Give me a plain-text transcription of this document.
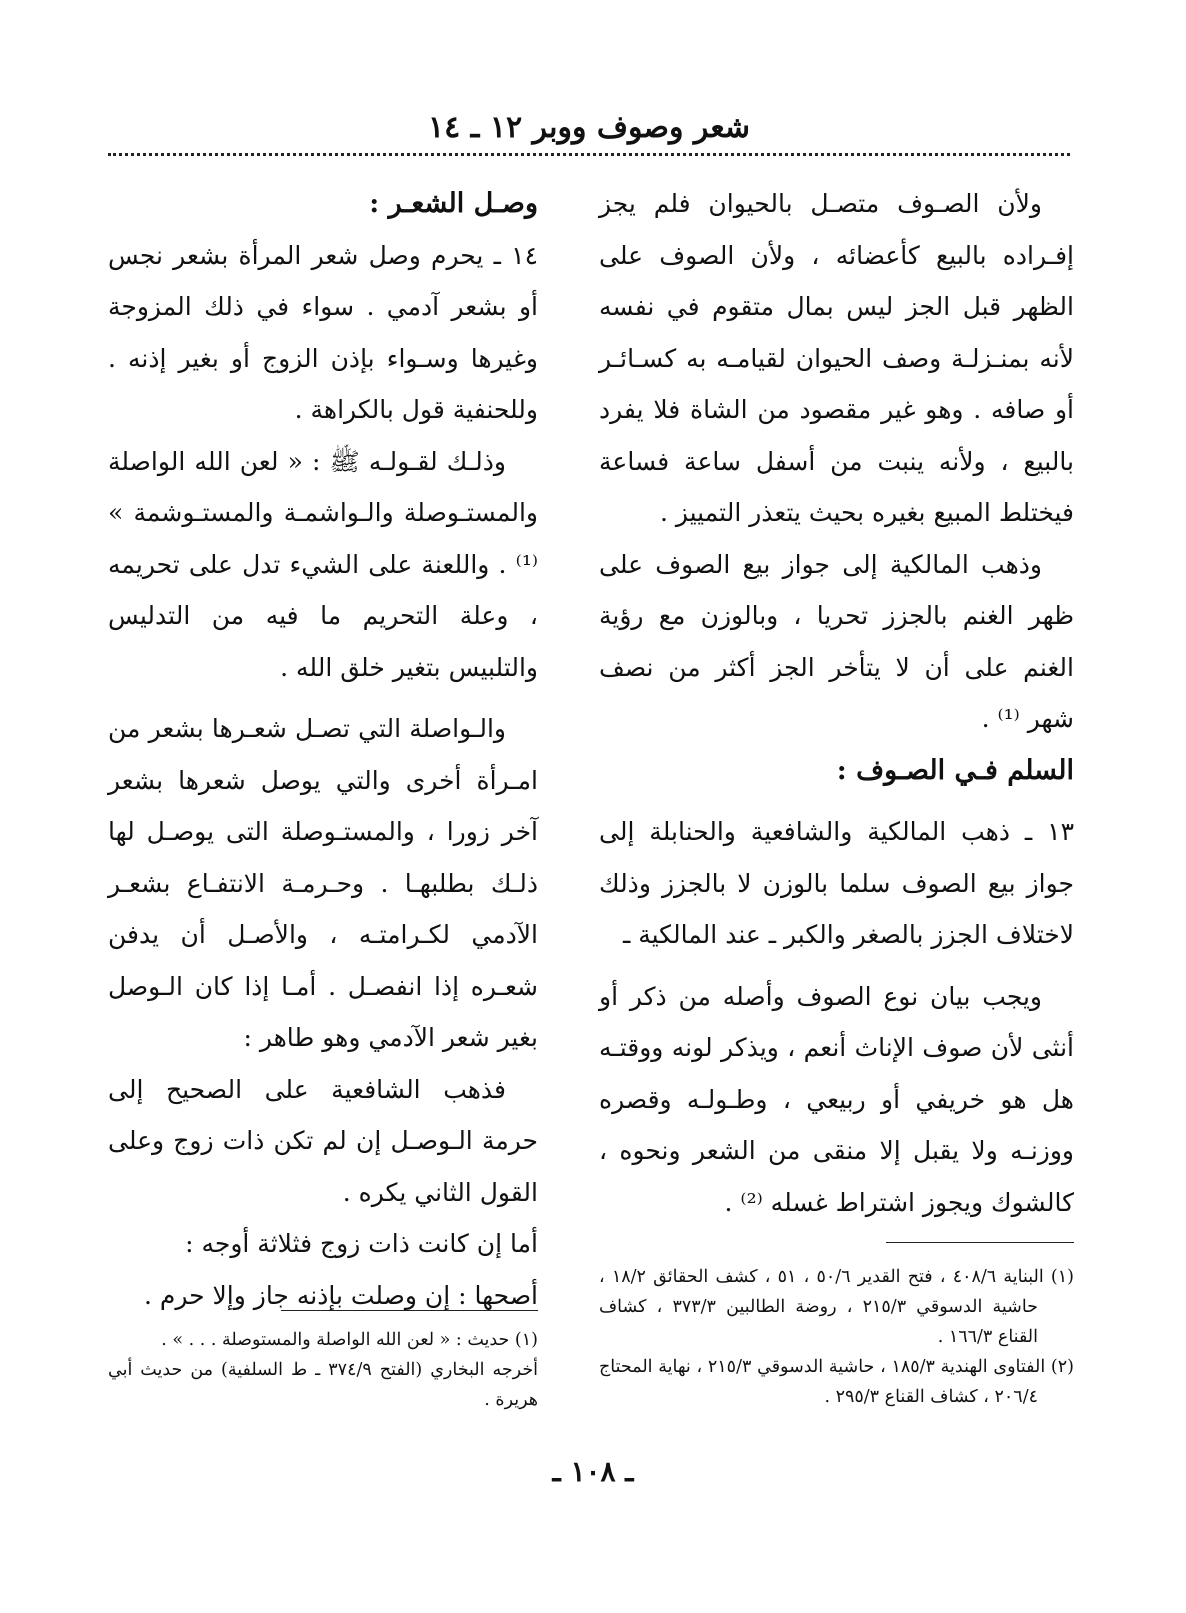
شعر وصوف ووبر ١٢ ـ ١٤

ولأن الصـوف متصـل بالحيوان فلم يجز إفـراده بالبيع كأعضائه ، ولأن الصوف على الظهر قبل الجز ليس بمال متقوم في نفسه لأنه بمنـزلـة وصف الحيوان لقيامـه به كسـائـر أو صافه . وهو غير مقصود من الشاة فلا يفرد بالبيع ، ولأنه ينبت من أسفل ساعة فساعة فيختلط المبيع بغيره بحيث يتعذر التمييز .

وذهب المالكية إلى جواز بيع الصوف على ظهر الغنم بالجزز تحريا ، وبالوزن مع رؤية الغنم على أن لا يتأخر الجز أكثر من نصف شهر ⁽¹⁾ .

السلم فـي الصـوف :

١٣ ـ ذهب المالكية والشافعية والحنابلة إلى جواز بيع الصوف سلما بالوزن لا بالجزز وذلك لاختلاف الجزز بالصغر والكبر ـ عند المالكية ـ

ويجب بيان نوع الصوف وأصله من ذكر أو أنثى لأن صوف الإناث أنعم ، ويذكر لونه ووقتـه هل هو خريفي أو ربيعي ، وطـولـه وقصره ووزنـه ولا يقبل إلا منقى من الشعر ونحوه ، كالشوك ويجوز اشتراط غسله ⁽²⁾ .

وصـل الشعـر :

١٤ ـ يحرم وصل شعر المرأة بشعر نجس أو بشعر آدمي . سواء في ذلك المزوجة وغيرها وسـواء بإذن الزوج أو بغير إذنه . وللحنفية قول بالكراهة .

وذلـك لقـولـه ﷺ : « لعن الله الواصلة والمستـوصلة والـواشمـة والمستـوشمة » ⁽¹⁾ . واللعنة على الشيء تدل على تحريمه ، وعلة التحريم ما فيه من التدليس والتلبيس بتغير خلق الله .

والـواصلة التي تصـل شعـرها بشعر من امـرأة أخرى والتي يوصل شعرها بشعر آخر زورا ، والمستـوصلة التى يوصـل لها ذلـك بطلبهـا . وحـرمـة الانتفـاع بشعـر الآدمي لكـرامتـه ، والأصـل أن يدفن شعـره إذا انفصـل . أمـا إذا كان الـوصل بغير شعر الآدمي وهو طاهر :

فذهب الشافعية على الصحيح إلى حرمة الـوصـل إن لم تكن ذات زوج وعلى القول الثاني يكره .

أما إن كانت ذات زوج فثلاثة أوجه :

أصحها : إن وصلت بإذنه جاز وإلا حرم .

(١) البناية ٤٠٨/٦ ، فتح القدير ٥٠/٦ ، ٥١ ، كشف الحقائق ١٨/٢ ، حاشية الدسوقي ٢١٥/٣ ، روضة الطالبين ٣٧٣/٣ ، كشاف القناع ١٦٦/٣ .

(٢) الفتاوى الهندية ١٨٥/٣ ، حاشية الدسوقي ٢١٥/٣ ، نهاية المحتاج ٢٠٦/٤ ، كشاف القناع ٢٩٥/٣ .

(١) حديث : « لعن الله الواصلة والمستوصلة . . . » .

أخرجه البخاري (الفتح ٣٧٤/٩ ـ ط السلفية) من حديث أبي هريرة .

ـ ١٠٨ ـ
